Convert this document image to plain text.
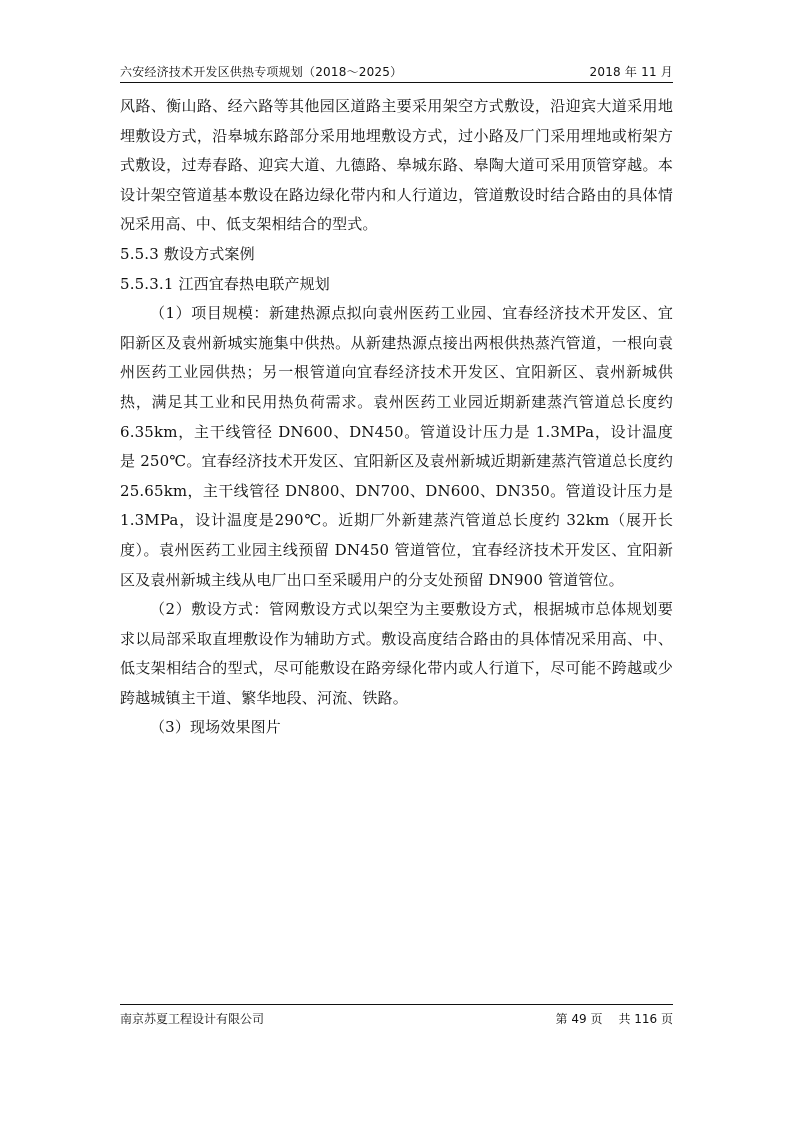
六安经济技术开发区供热专项规划（2018～2025）	2018 年 11 月

风路、衡山路、经六路等其他园区道路主要采用架空方式敷设，沿迎宾大道采用地埋敷设方式，沿皋城东路部分采用地埋敷设方式，过小路及厂门采用埋地或桁架方式敷设，过寿春路、迎宾大道、九德路、皋城东路、皋陶大道可采用顶管穿越。本设计架空管道基本敷设在路边绿化带内和人行道边，管道敷设时结合路由的具体情况采用高、中、低支架相结合的型式。

5.5.3 敷设方式案例

5.5.3.1 江西宜春热电联产规划

（1）项目规模：新建热源点拟向袁州医药工业园、宜春经济技术开发区、宜阳新区及袁州新城实施集中供热。从新建热源点接出两根供热蒸汽管道，一根向袁州医药工业园供热；另一根管道向宜春经济技术开发区、宜阳新区、袁州新城供热，满足其工业和民用热负荷需求。袁州医药工业园近期新建蒸汽管道总长度约6.35km，主干线管径 DN600、DN450。管道设计压力是 1.3MPa，设计温度是 250℃。宜春经济技术开发区、宜阳新区及袁州新城近期新建蒸汽管道总长度约 25.65km，主干线管径 DN800、DN700、DN600、DN350。管道设计压力是 1.3MPa，设计温度是290℃。近期厂外新建蒸汽管道总长度约 32km（展开长度）。袁州医药工业园主线预留 DN450 管道管位，宜春经济技术开发区、宜阳新区及袁州新城主线从电厂出口至采暖用户的分支处预留 DN900 管道管位。

（2）敷设方式：管网敷设方式以架空为主要敷设方式，根据城市总体规划要求以局部采取直埋敷设作为辅助方式。敷设高度结合路由的具体情况采用高、中、低支架相结合的型式，尽可能敷设在路旁绿化带内或人行道下，尽可能不跨越或少跨越城镇主干道、繁华地段、河流、铁路。

（3）现场效果图片

南京苏夏工程设计有限公司	第 49 页 共 116 页
